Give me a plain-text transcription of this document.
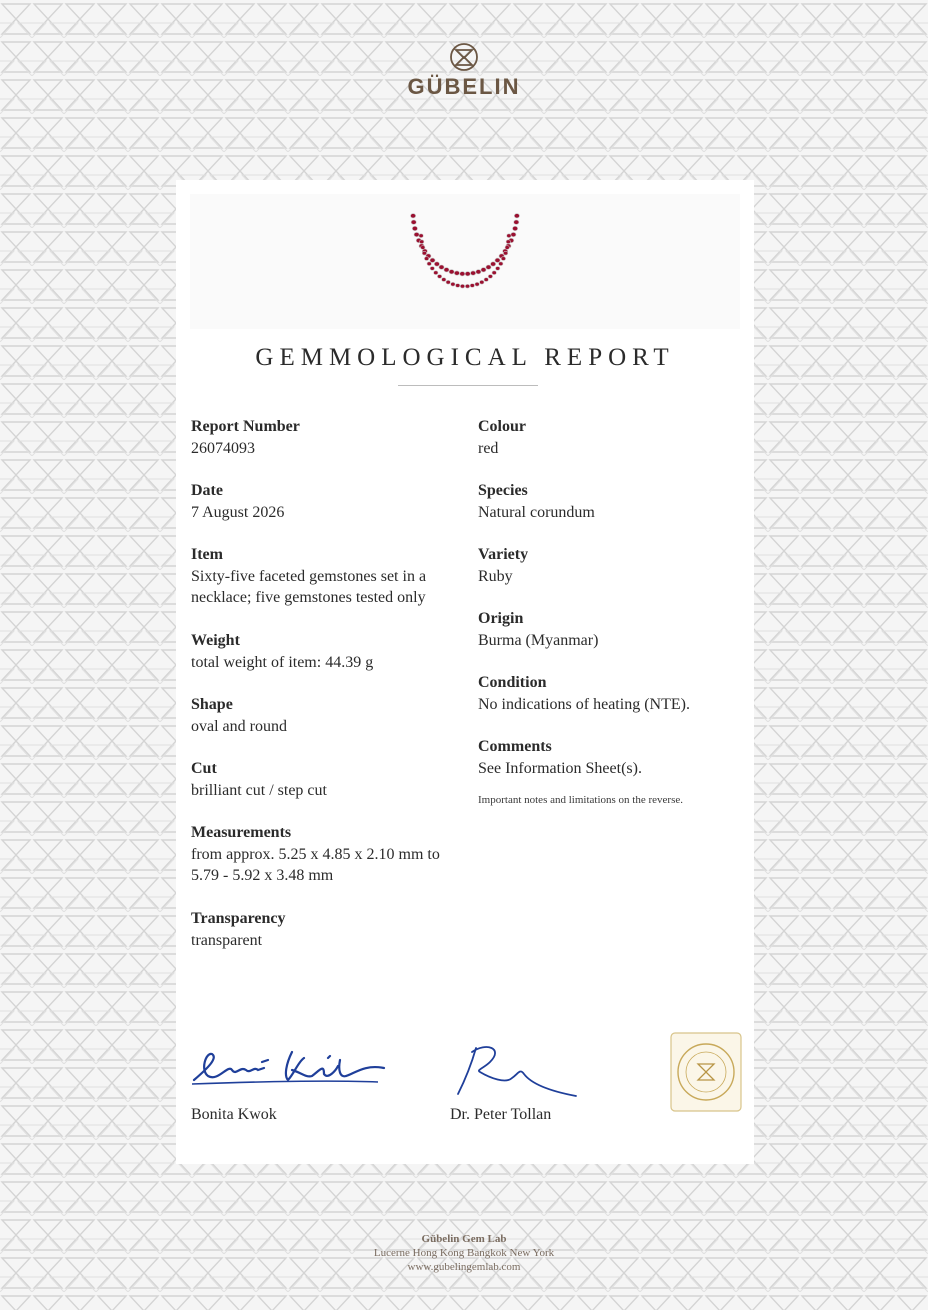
GÜBELIN
GEMMOLOGICAL REPORT
Report Number
26074093
Date
7 August 2026
Item
Sixty-five faceted gemstones set in a necklace; five gemstones tested only
Weight
total weight of item: 44.39 g
Shape
oval and round
Cut
brilliant cut / step cut
Measurements
from approx. 5.25 x 4.85 x 2.10 mm to 5.79 - 5.92 x 3.48 mm
Transparency
transparent
Colour
red
Species
Natural corundum
Variety
Ruby
Origin
Burma (Myanmar)
Condition
No indications of heating (NTE).
Comments
See Information Sheet(s).
Important notes and limitations on the reverse.
Bonita Kwok	Dr. Peter Tollan
Gübelin Gem Lab
Lucerne Hong Kong Bangkok New York
www.gubelingemlab.com
